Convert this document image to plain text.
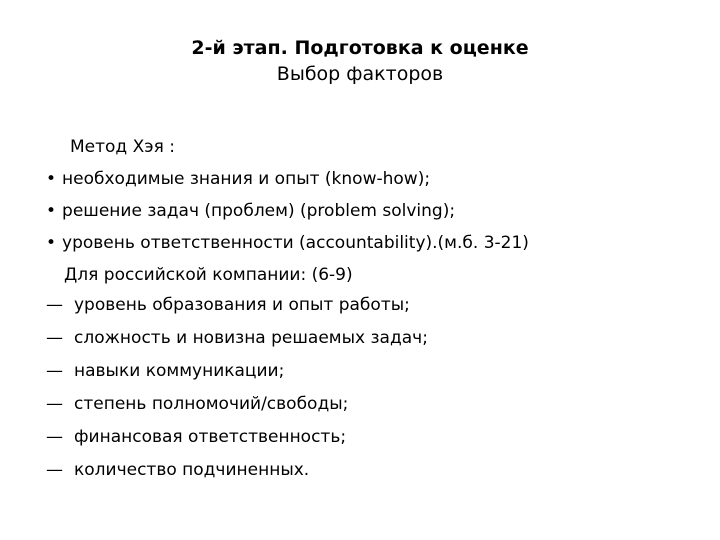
2-й этап. Подготовка к оценке
Выбор факторов
Метод Хэя :
• необходимые знания и опыт (know-how);
• решение задач (проблем) (problem solving);
• уровень ответственности (accountability).(м.б. 3-21)
Для российской компании: (6-9)
— уровень образования и опыт работы;
— сложность и новизна решаемых задач;
— навыки коммуникации;
— степень полномочий/свободы;
— финансовая ответственность;
— количество подчиненных.
